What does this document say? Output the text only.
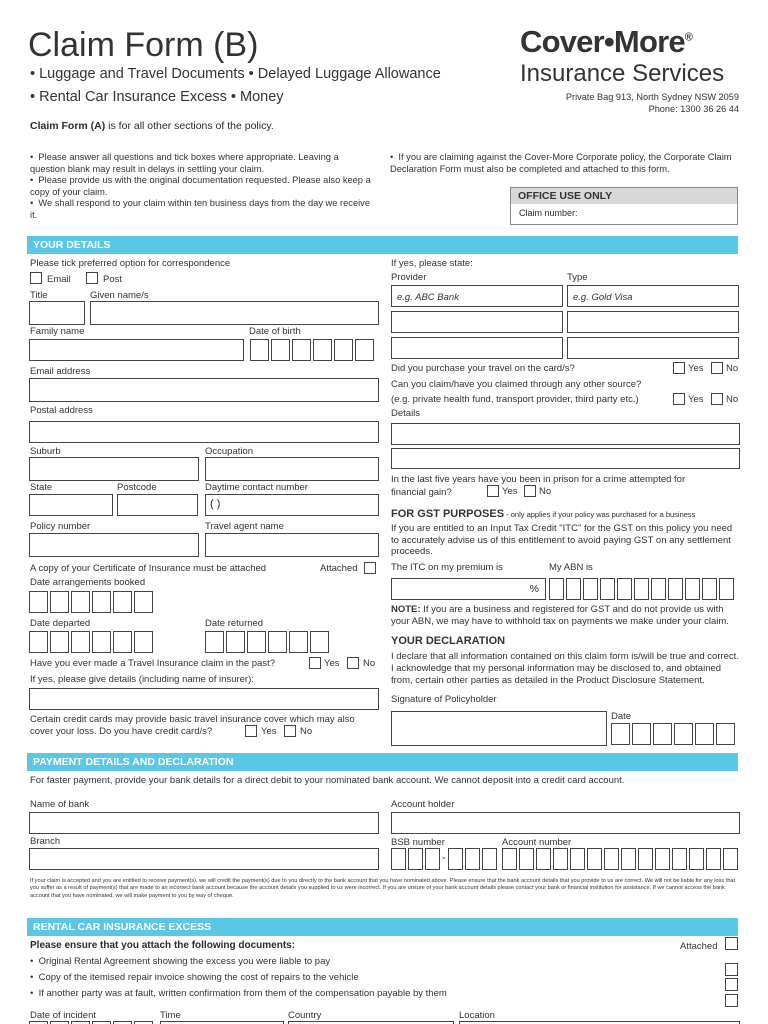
Claim Form (B)
• Luggage and Travel Documents • Delayed Luggage Allowance
• Rental Car Insurance Excess • Money
Claim Form (A) is for all other sections of the policy.
Cover•More®
Insurance Services
Private Bag 913, North Sydney NSW 2059
Phone: 1300 36 26 44
•  Please answer all questions and tick boxes where appropriate. Leaving a question blank may result in delays in settling your claim.
•  Please provide us with the original documentation requested. Please also keep a copy of your claim.
•  We shall respond to your claim within ten business days from the day we receive it.
•  If you are claiming against the Cover-More Corporate policy, the Corporate Claim Declaration Form must also be completed and attached to this form.
OFFICE USE ONLY
Claim number:
YOUR DETAILS
Please tick preferred option for correspondence
Email	Post
Title	Given name/s
Family name	Date of birth
Email address
Postal address
Suburb	Occupation
State	Postcode	Daytime contact number
( )
Policy number	Travel agent name
A copy of your Certificate of Insurance must be attached	Attached
Date arrangements booked
Date departed	Date returned
Have you ever made a Travel Insurance claim in the past?	Yes No
If yes, please give details (including name of insurer):
Certain credit cards may provide basic travel insurance cover which may also cover your loss. Do you have credit card/s?	Yes No
If yes, please state:
Provider	Type
e.g. ABC Bank	e.g. Gold Visa
Did you purchase your travel on the card/s?	Yes No
Can you claim/have you claimed through any other source?
(e.g. private health fund, transport provider, third party etc.)	Yes No
Details
In the last five years have you been in prison for a crime attempted for financial gain?	Yes No
FOR GST PURPOSES - only applies if your policy was purchased for a business
If you are entitled to an Input Tax Credit "ITC" for the GST on this policy you need to accurately advise us of this entitlement to avoid paying GST on any settlement proceeds.
The ITC on my premium is	My ABN is
%
NOTE: If you are a business and registered for GST and do not provide us with your ABN, we may have to withhold tax on payments we make under your claim.
YOUR DECLARATION
I declare that all information contained on this claim form is/will be true and correct. I acknowledge that my personal information may be disclosed to, and obtained from, certain other parties as detailed in the Product Disclosure Statement.
Signature of Policyholder
Date
PAYMENT DETAILS AND DECLARATION
For faster payment, provide your bank details for a direct debit to your nominated bank account. We cannot deposit into a credit card account.
Name of bank	Account holder
Branch	BSB number	Account number
-
If your claim is accepted and you are entitled to receive payment(s), we will credit the payment(s) due to you directly to the bank account that you have nominated above. Please ensure that the bank account details that you provide to us are correct. We will not be liable for any loss that you suffer as a result of payment(s) that are made to an incorrect bank account because the account details you supplied to us were incorrect. If you are unsure of your bank account details please contact your bank or financial institution for assistance. If we cannot access the bank account that you have nominated, we will make payment to you by way of cheque.
RENTAL CAR INSURANCE EXCESS
Please ensure that you attach the following documents:	Attached
•  Original Rental Agreement showing the excess you were liable to pay
•  Copy of the itemised repair invoice showing the cost of repairs to the vehicle
•  If another party was at fault, written confirmation from them of the compensation payable by them
Date of incident	Time	Country	Location
